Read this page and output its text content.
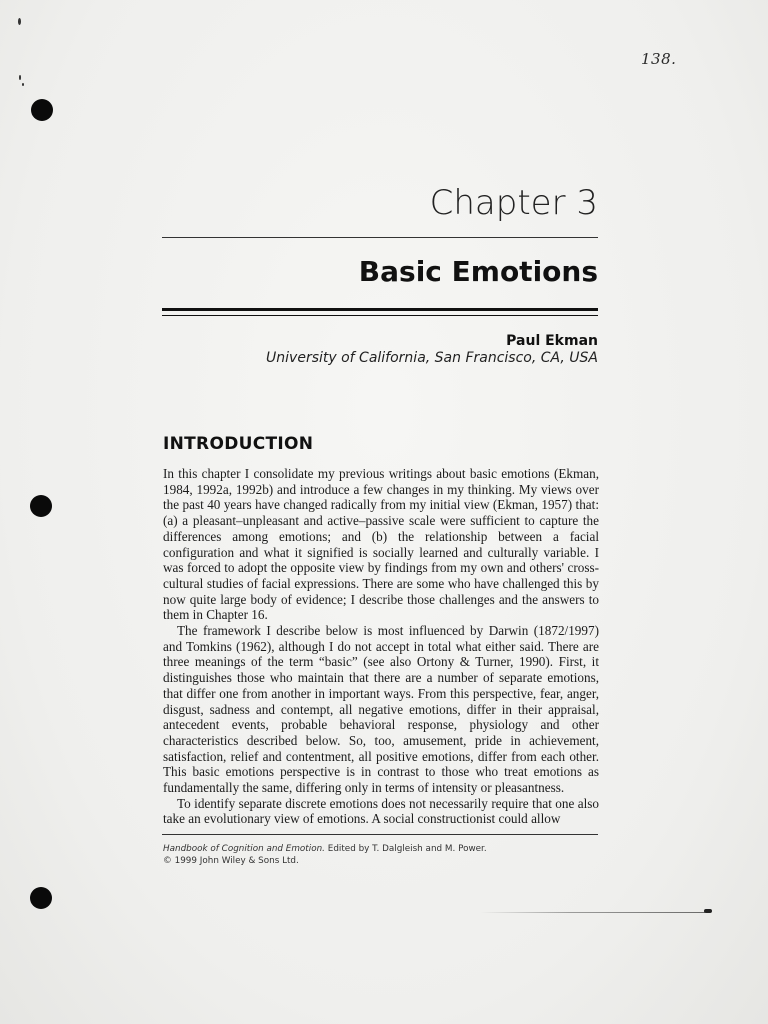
138.
Chapter 3
Basic Emotions
Paul Ekman
University of California, San Francisco, CA, USA
INTRODUCTION

In this chapter I consolidate my previous writings about basic emotions (Ekman, 1984, 1992a, 1992b) and introduce a few changes in my thinking. My views over the past 40 years have changed radically from my initial view (Ekman, 1957) that: (a) a pleasant–unpleasant and active–passive scale were sufficient to capture the differences among emotions; and (b) the relationship between a facial configuration and what it signified is socially learned and culturally variable. I was forced to adopt the opposite view by findings from my own and others' cross-cultural studies of facial expressions. There are some who have challenged this by now quite large body of evidence; I describe those challenges and the answers to them in Chapter 16.

The framework I describe below is most influenced by Darwin (1872/1997) and Tomkins (1962), although I do not accept in total what either said. There are three meanings of the term “basic” (see also Ortony & Turner, 1990). First, it distinguishes those who maintain that there are a number of separate emotions, that differ one from another in important ways. From this perspective, fear, anger, disgust, sadness and contempt, all negative emotions, differ in their appraisal, antecedent events, probable behavioral response, physiology and other characteristics described below. So, too, amusement, pride in achievement, satisfaction, relief and contentment, all positive emotions, differ from each other. This basic emotions perspective is in contrast to those who treat emotions as fundamentally the same, differing only in terms of intensity or pleasantness.

To identify separate discrete emotions does not necessarily require that one also take an evolutionary view of emotions. A social constructionist could allow

Handbook of Cognition and Emotion. Edited by T. Dalgleish and M. Power.
© 1999 John Wiley & Sons Ltd.
